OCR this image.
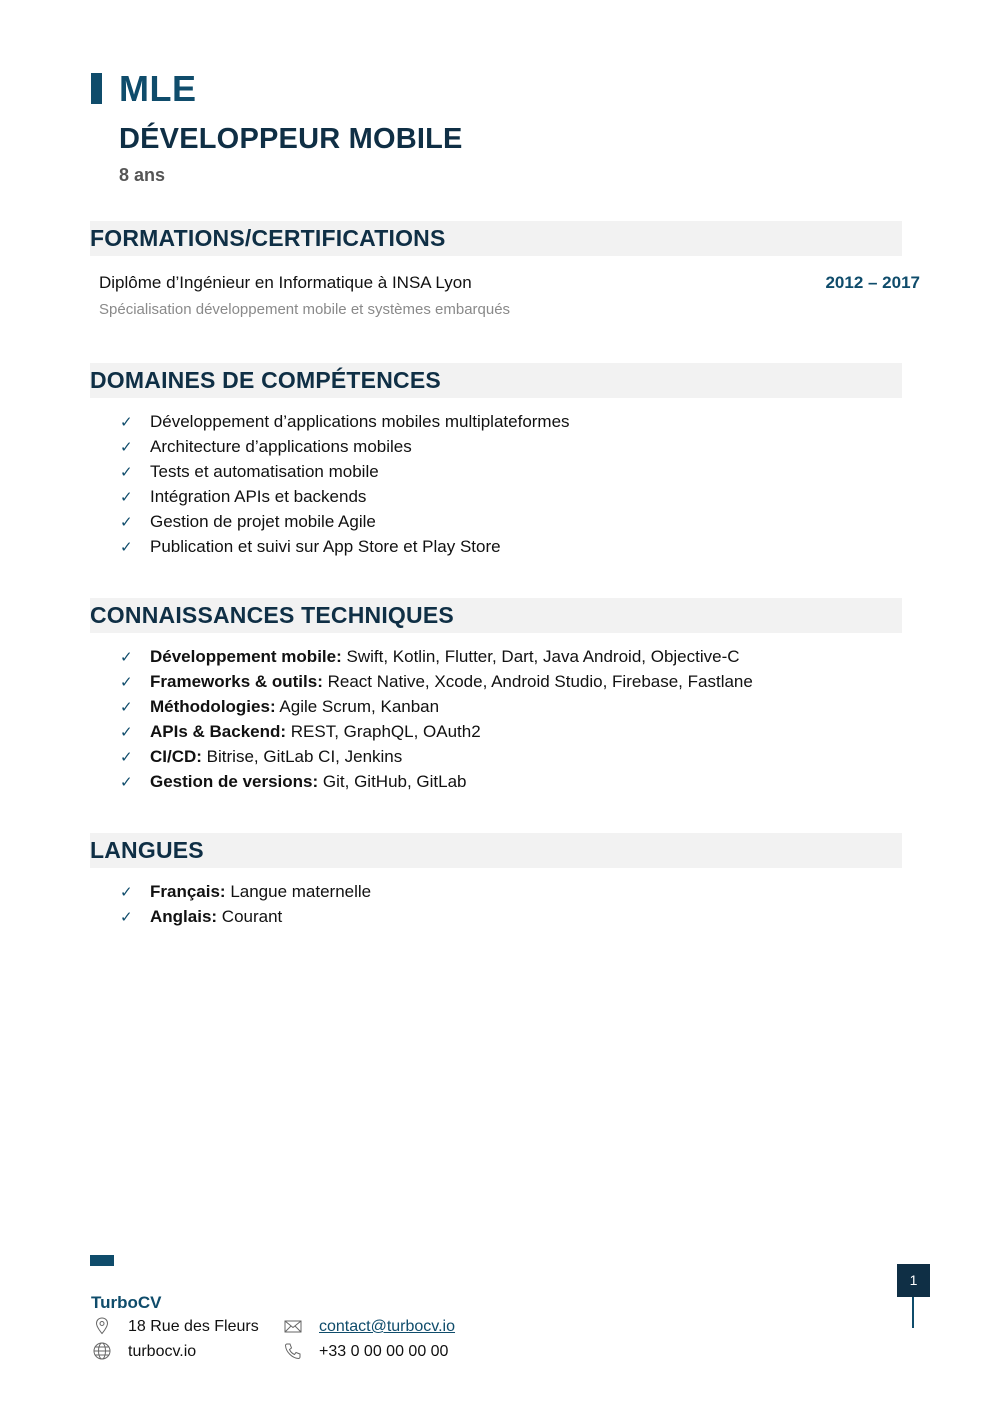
MLE
DÉVELOPPEUR MOBILE
8 ans
FORMATIONS/CERTIFICATIONS
Diplôme d’Ingénieur en Informatique à INSA Lyon	2012 – 2017
Spécialisation développement mobile et systèmes embarqués
DOMAINES DE COMPÉTENCES
✓ Développement d’applications mobiles multiplateformes
✓ Architecture d’applications mobiles
✓ Tests et automatisation mobile
✓ Intégration APIs et backends
✓ Gestion de projet mobile Agile
✓ Publication et suivi sur App Store et Play Store
CONNAISSANCES TECHNIQUES
✓ Développement mobile: Swift, Kotlin, Flutter, Dart, Java Android, Objective-C
✓ Frameworks & outils: React Native, Xcode, Android Studio, Firebase, Fastlane
✓ Méthodologies: Agile Scrum, Kanban
✓ APIs & Backend: REST, GraphQL, OAuth2
✓ CI/CD: Bitrise, GitLab CI, Jenkins
✓ Gestion de versions: Git, GitHub, GitLab
LANGUES
✓ Français: Langue maternelle
✓ Anglais: Courant
TurboCV
18 Rue des Fleurs
turbocv.io
contact@turbocv.io
+33 0 00 00 00 00
1
